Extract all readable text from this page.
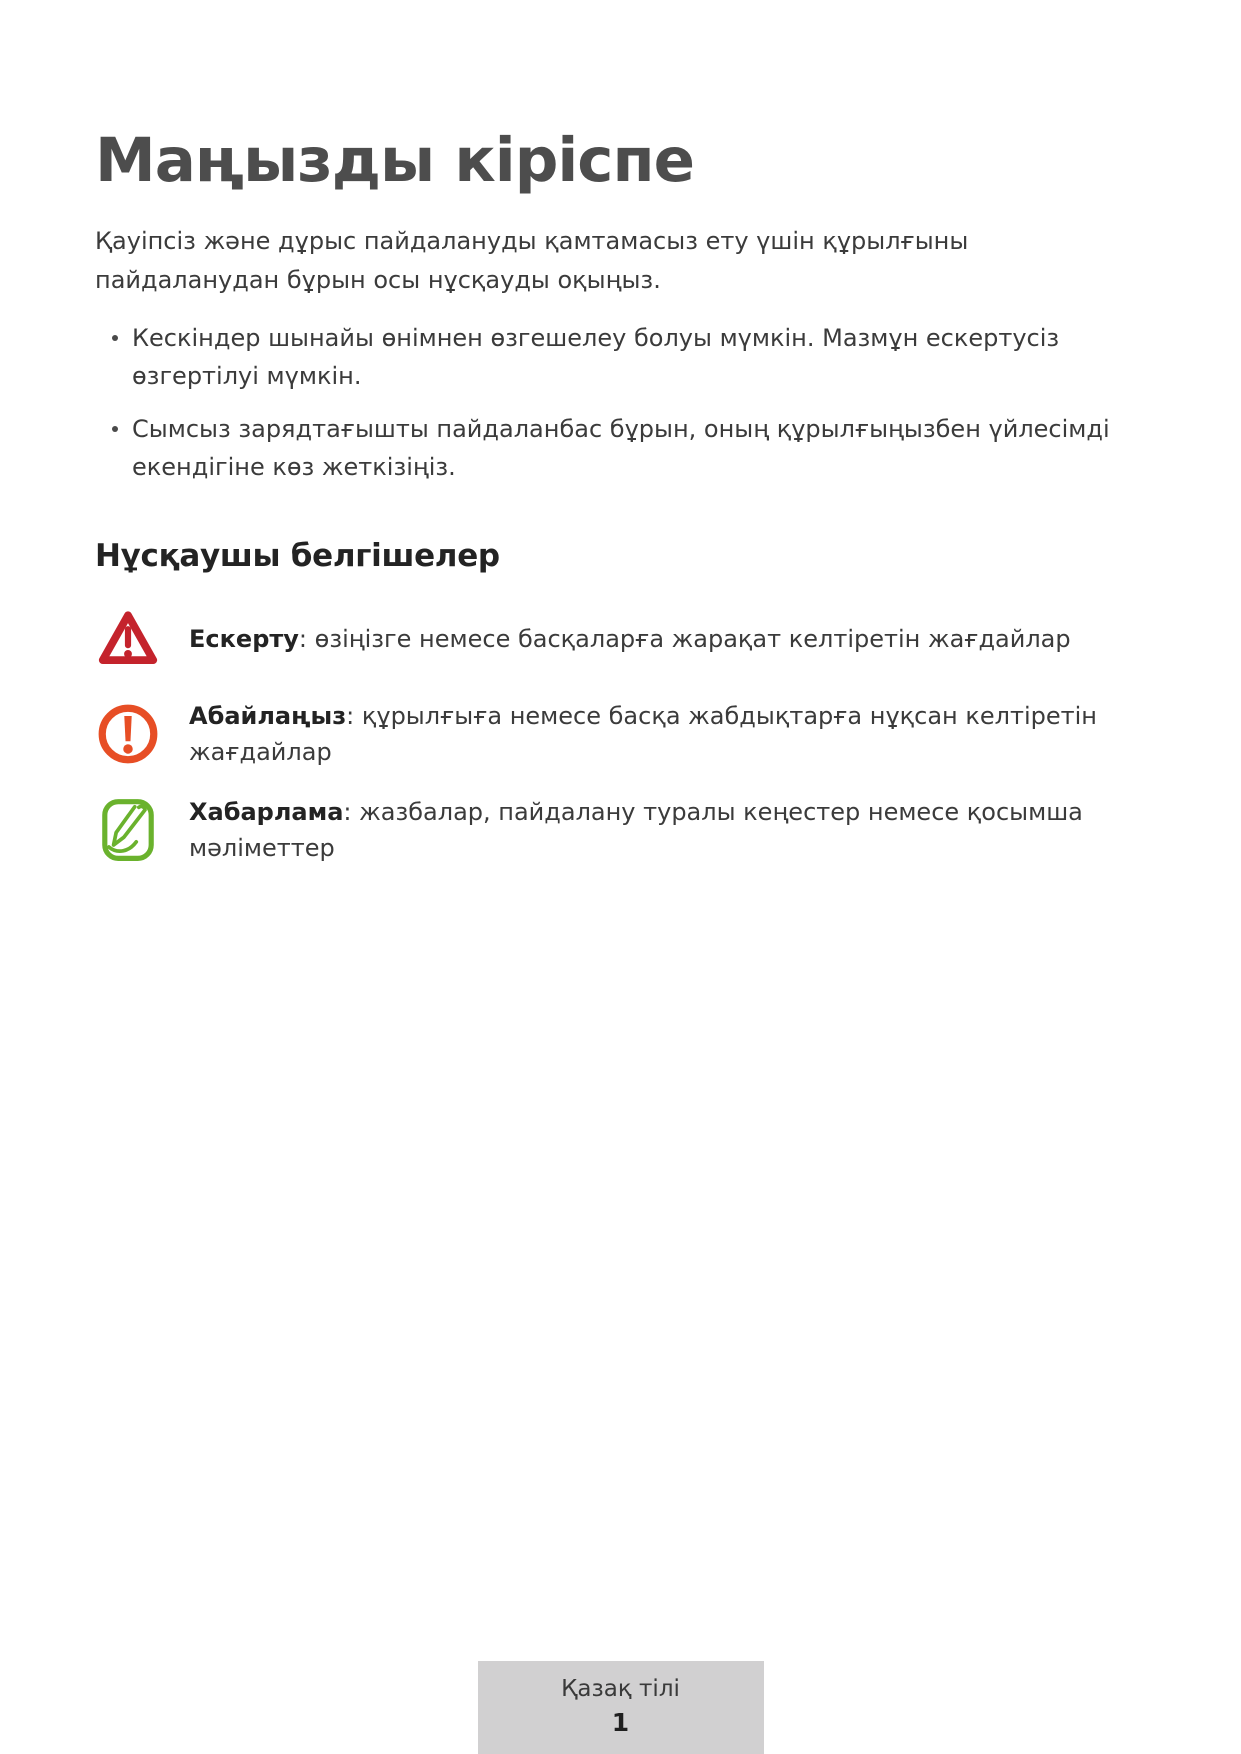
Маңызды кіріспе

Қауіпсіз және дұрыс пайдалануды қамтамасыз ету үшін құрылғыны пайдаланудан бұрын осы нұсқауды оқыңыз.

Кескіндер шынайы өнімнен өзгешелеу болуы мүмкін. Мазмұн ескертусіз өзгертілуі мүмкін.
Сымсыз зарядтағышты пайдаланбас бұрын, оның құрылғыңызбен үйлесімді екендігіне көз жеткізіңіз.
Нұсқаушы белгішелер

Ескерту: өзіңізге немесе басқаларға жарақат келтіретін жағдайлар

Абайлаңыз: құрылғыға немесе басқа жабдықтарға нұқсан келтіретін жағдайлар

Хабарлама: жазбалар, пайдалану туралы кеңестер немесе қосымша мәліметтер

Қазақ тілі

1
